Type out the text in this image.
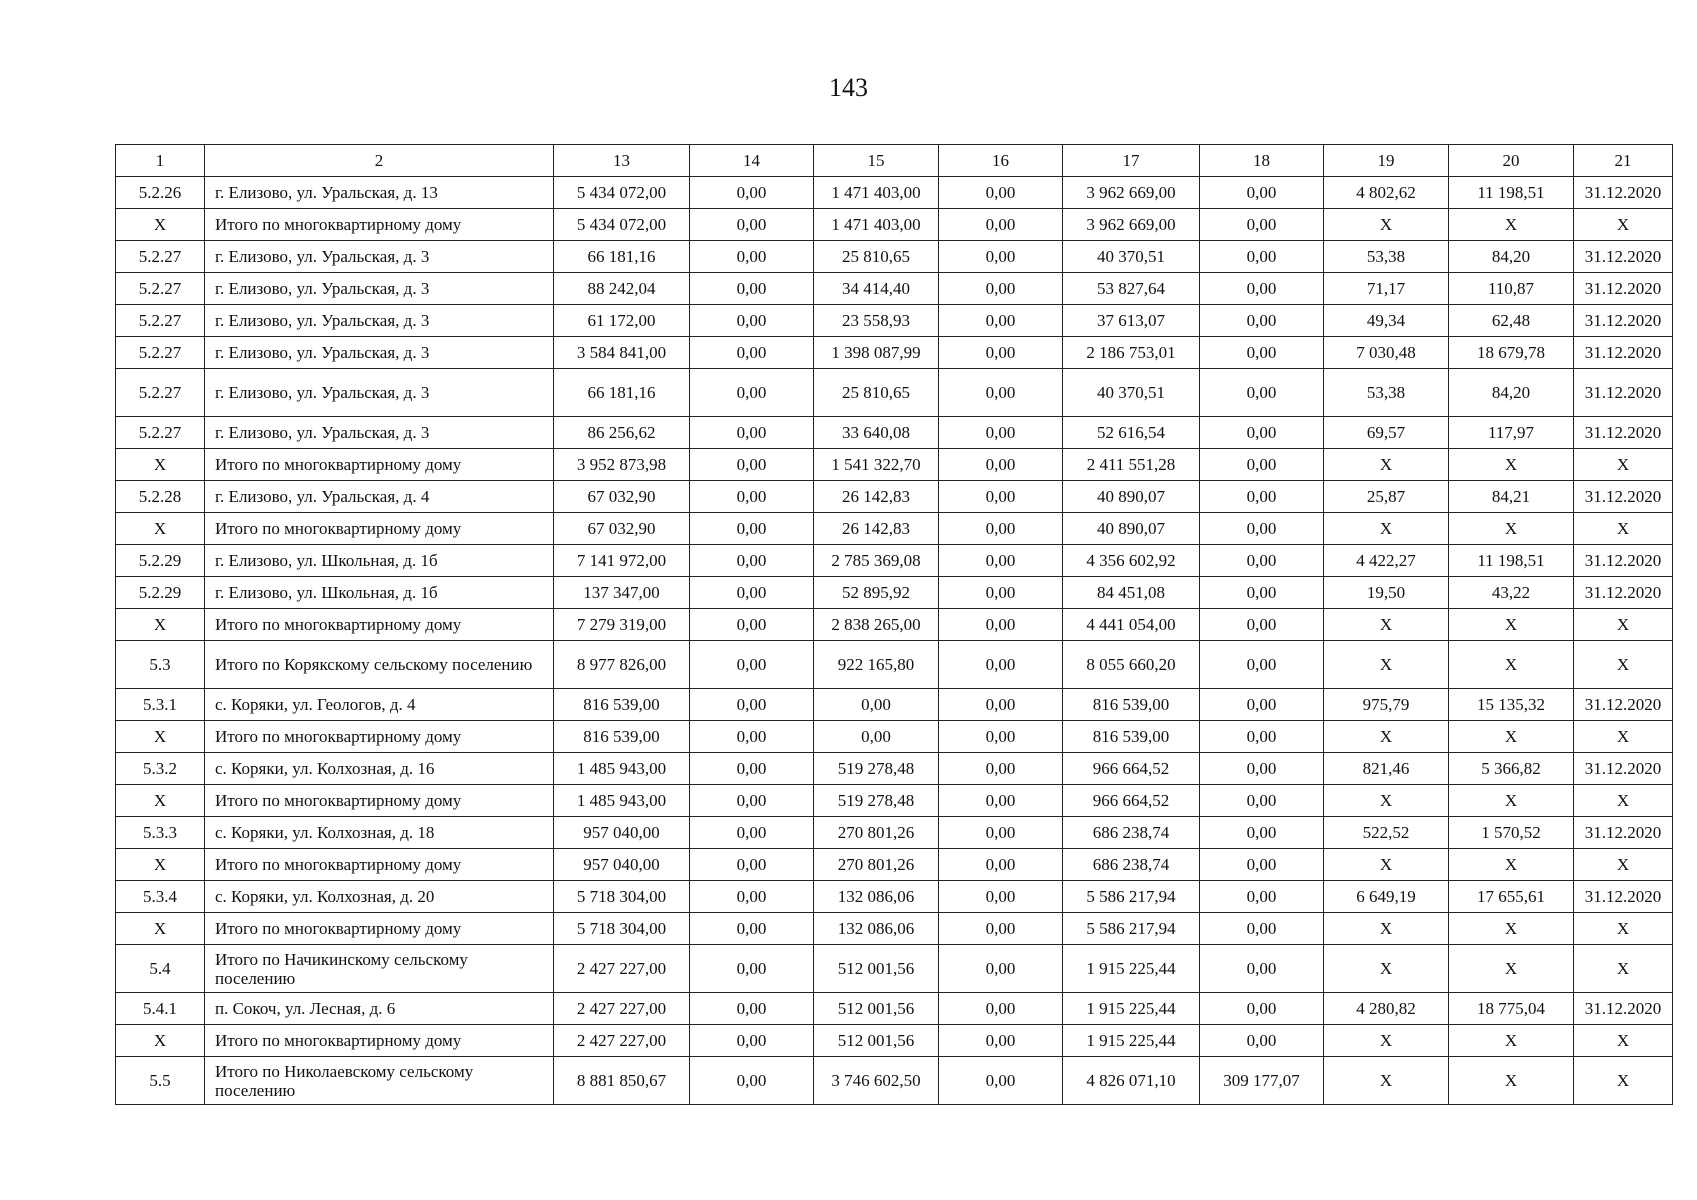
143
1	2	13	14	15	16	17	18	19	20	21
5.2.26	г. Елизово, ул. Уральская, д. 13	5 434 072,00	0,00	1 471 403,00	0,00	3 962 669,00	0,00	4 802,62	11 198,51	31.12.2020
X	Итого по многоквартирному дому	5 434 072,00	0,00	1 471 403,00	0,00	3 962 669,00	0,00	X	X	X
5.2.27	г. Елизово, ул. Уральская, д. 3	66 181,16	0,00	25 810,65	0,00	40 370,51	0,00	53,38	84,20	31.12.2020
5.2.27	г. Елизово, ул. Уральская, д. 3	88 242,04	0,00	34 414,40	0,00	53 827,64	0,00	71,17	110,87	31.12.2020
5.2.27	г. Елизово, ул. Уральская, д. 3	61 172,00	0,00	23 558,93	0,00	37 613,07	0,00	49,34	62,48	31.12.2020
5.2.27	г. Елизово, ул. Уральская, д. 3	3 584 841,00	0,00	1 398 087,99	0,00	2 186 753,01	0,00	7 030,48	18 679,78	31.12.2020
5.2.27	г. Елизово, ул. Уральская, д. 3	66 181,16	0,00	25 810,65	0,00	40 370,51	0,00	53,38	84,20	31.12.2020
5.2.27	г. Елизово, ул. Уральская, д. 3	86 256,62	0,00	33 640,08	0,00	52 616,54	0,00	69,57	117,97	31.12.2020
X	Итого по многоквартирному дому	3 952 873,98	0,00	1 541 322,70	0,00	2 411 551,28	0,00	X	X	X
5.2.28	г. Елизово, ул. Уральская, д. 4	67 032,90	0,00	26 142,83	0,00	40 890,07	0,00	25,87	84,21	31.12.2020
X	Итого по многоквартирному дому	67 032,90	0,00	26 142,83	0,00	40 890,07	0,00	X	X	X
5.2.29	г. Елизово, ул. Школьная, д. 1б	7 141 972,00	0,00	2 785 369,08	0,00	4 356 602,92	0,00	4 422,27	11 198,51	31.12.2020
5.2.29	г. Елизово, ул. Школьная, д. 1б	137 347,00	0,00	52 895,92	0,00	84 451,08	0,00	19,50	43,22	31.12.2020
X	Итого по многоквартирному дому	7 279 319,00	0,00	2 838 265,00	0,00	4 441 054,00	0,00	X	X	X
5.3	Итого по Корякскому сельскому поселению	8 977 826,00	0,00	922 165,80	0,00	8 055 660,20	0,00	X	X	X
5.3.1	с. Коряки, ул. Геологов, д. 4	816 539,00	0,00	0,00	0,00	816 539,00	0,00	975,79	15 135,32	31.12.2020
X	Итого по многоквартирному дому	816 539,00	0,00	0,00	0,00	816 539,00	0,00	X	X	X
5.3.2	с. Коряки, ул. Колхозная, д. 16	1 485 943,00	0,00	519 278,48	0,00	966 664,52	0,00	821,46	5 366,82	31.12.2020
X	Итого по многоквартирному дому	1 485 943,00	0,00	519 278,48	0,00	966 664,52	0,00	X	X	X
5.3.3	с. Коряки, ул. Колхозная, д. 18	957 040,00	0,00	270 801,26	0,00	686 238,74	0,00	522,52	1 570,52	31.12.2020
X	Итого по многоквартирному дому	957 040,00	0,00	270 801,26	0,00	686 238,74	0,00	X	X	X
5.3.4	с. Коряки, ул. Колхозная, д. 20	5 718 304,00	0,00	132 086,06	0,00	5 586 217,94	0,00	6 649,19	17 655,61	31.12.2020
X	Итого по многоквартирному дому	5 718 304,00	0,00	132 086,06	0,00	5 586 217,94	0,00	X	X	X
5.4	Итого по Начикинскому сельскому поселению	2 427 227,00	0,00	512 001,56	0,00	1 915 225,44	0,00	X	X	X
5.4.1	п. Сокоч, ул. Лесная, д. 6	2 427 227,00	0,00	512 001,56	0,00	1 915 225,44	0,00	4 280,82	18 775,04	31.12.2020
X	Итого по многоквартирному дому	2 427 227,00	0,00	512 001,56	0,00	1 915 225,44	0,00	X	X	X
5.5	Итого по Николаевскому сельскому поселению	8 881 850,67	0,00	3 746 602,50	0,00	4 826 071,10	309 177,07	X	X	X
